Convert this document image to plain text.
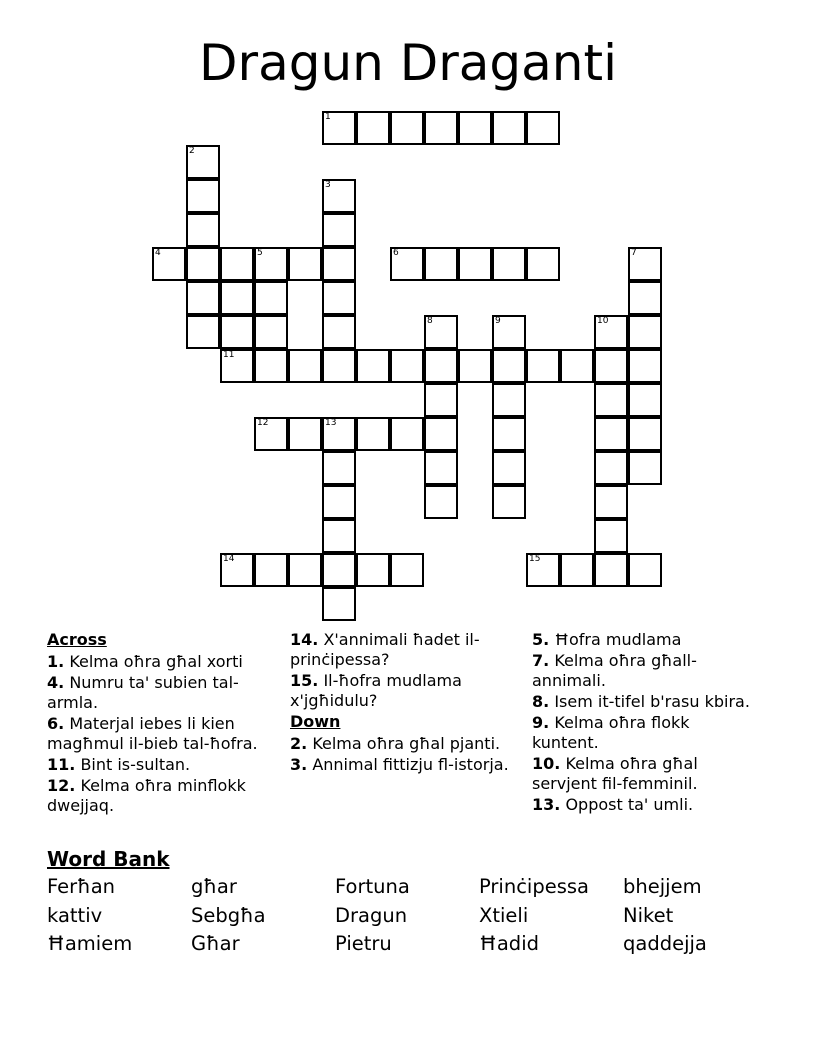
Dragun Draganti
1
2
3
4	5	6	7
8	9	10
11
12	13
14	15
Across
1. Kelma oħra għal xorti
4. Numru ta' subien tal-armla.
6. Materjal iebes li kien magħmul il-bieb tal-ħofra.
11. Bint is-sultan.
12. Kelma oħra minflokk dwejjaq.
14. X'annimali ħadet il-prinċipessa?
15. Il-ħofra mudlama x'jgħidulu?
Down
2. Kelma oħra għal pjanti.
3. Annimal fittizju fl-istorja.
5. Ħofra mudlama
7. Kelma oħra għall-annimali.
8. Isem it-tifel b'rasu kbira.
9. Kelma oħra flokk kuntent.
10. Kelma oħra għal servjent fil-femminil.
13. Oppost ta' umli.
Word Bank
Ferħan	għar	Fortuna	Prinċipessa	bhejjem
kattiv	Sebgħa	Dragun	Xtieli	Niket
Ħamiem	Għar	Pietru	Ħadid	qaddejja
